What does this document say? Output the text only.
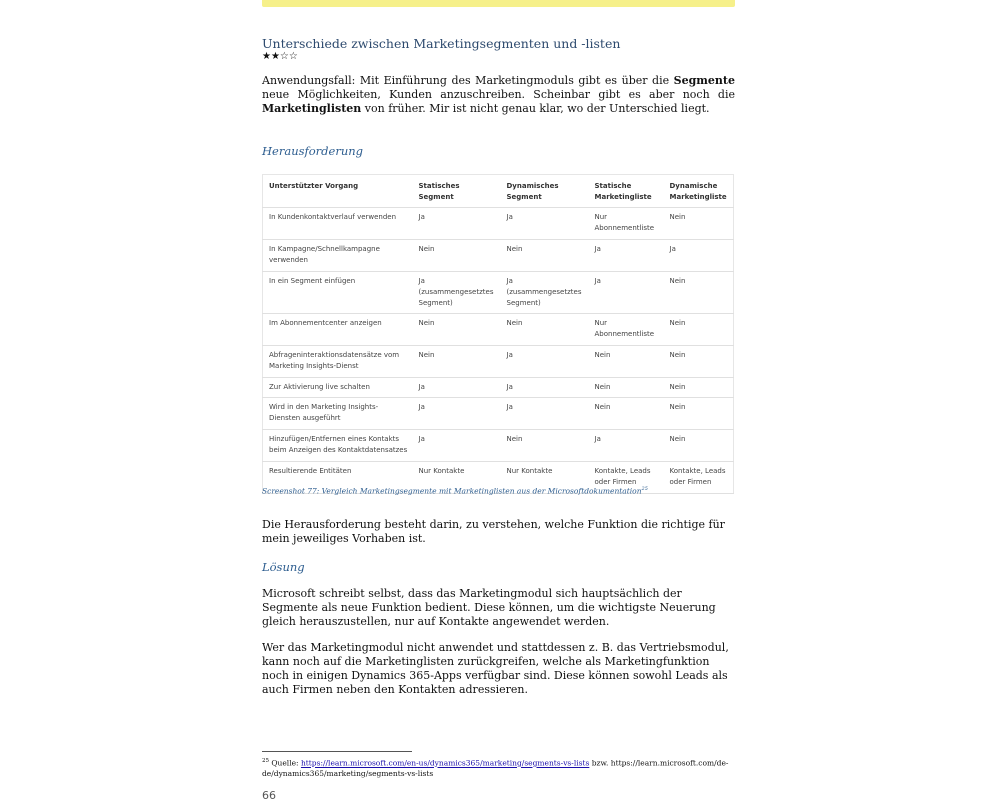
Unterschiede zwischen Marketingsegmenten und -listen
★★☆☆
Anwendungsfall: Mit Einführung des Marketingmoduls gibt es über die Segmente neue Möglichkeiten, Kunden anzuschreiben. Scheinbar gibt es aber noch die Marketinglisten von früher. Mir ist nicht genau klar, wo der Unterschied liegt.
Herausforderung
Unterstützter Vorgang	Statisches Segment	Dynamisches Segment	Statische Marketingliste	Dynamische Marketingliste
In Kundenkontaktverlauf verwenden	Ja	Ja	Nur Abonnementliste	Nein
In Kampagne/Schnellkampagne verwenden	Nein	Nein	Ja	Ja
In ein Segment einfügen	Ja (zusammengesetztes Segment)	Ja (zusammengesetztes Segment)	Ja	Nein
Im Abonnementcenter anzeigen	Nein	Nein	Nur Abonnementliste	Nein
Abfrageninteraktionsdatensätze vom Marketing Insights-Dienst	Nein	Ja	Nein	Nein
Zur Aktivierung live schalten	Ja	Ja	Nein	Nein
Wird in den Marketing Insights-Diensten ausgeführt	Ja	Ja	Nein	Nein
Hinzufügen/Entfernen eines Kontakts beim Anzeigen des Kontaktdatensatzes	Ja	Nein	Ja	Nein
Resultierende Entitäten	Nur Kontakte	Nur Kontakte	Kontakte, Leads oder Firmen	Kontakte, Leads oder Firmen
Screenshot 77: Vergleich Marketingsegmente mit Marketinglisten aus der Microsoftdokumentation$^{25}$
Die Herausforderung besteht darin, zu verstehen, welche Funktion die richtige für mein jeweiliges Vorhaben ist.
Lösung
Microsoft schreibt selbst, dass das Marketingmodul sich hauptsächlich der Segmente als neue Funktion bedient. Diese können, um die wichtigste Neuerung gleich herauszustellen, nur auf Kontakte angewendet werden.
Wer das Marketingmodul nicht anwendet und stattdessen z. B. das Vertriebsmodul, kann noch auf die Marketinglisten zurückgreifen, welche als Marketingfunktion noch in einigen Dynamics 365-Apps verfügbar sind. Diese können sowohl Leads als auch Firmen neben den Kontakten adressieren.
$^{25}$ Quelle: https://learn.microsoft.com/en-us/dynamics365/marketing/segments-vs-lists bzw. https://learn.microsoft.com/de-de/dynamics365/marketing/segments-vs-lists
66
